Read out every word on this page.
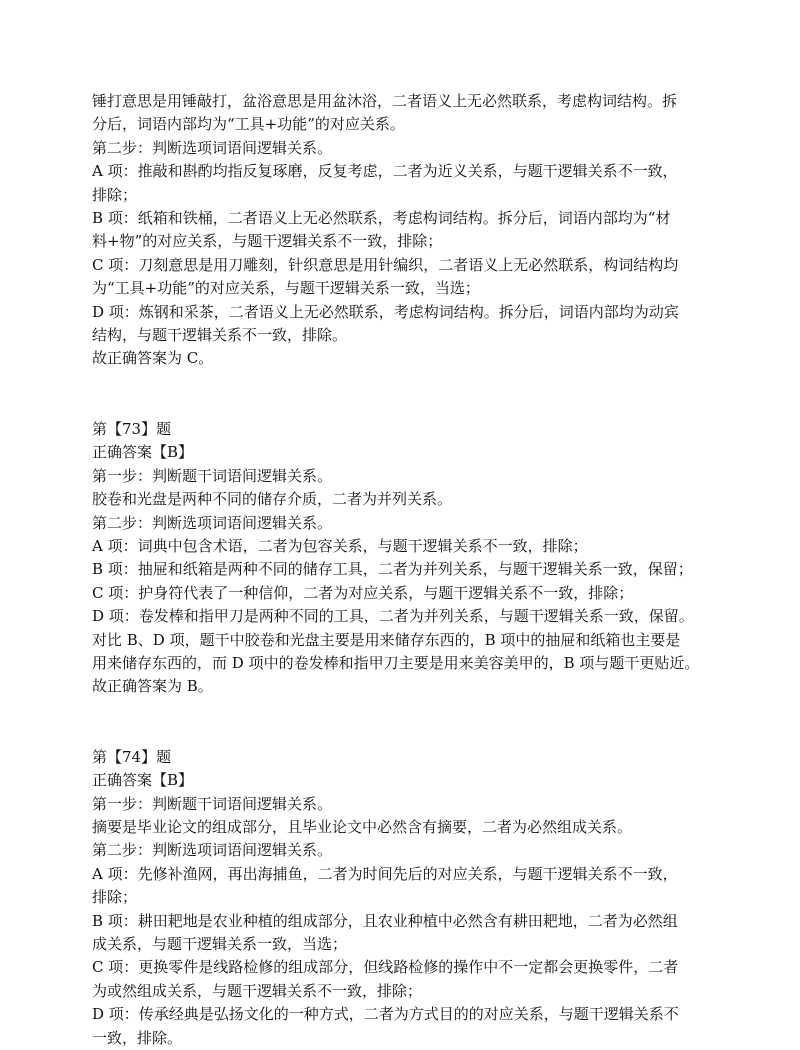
锤打意思是用锤敲打，盆浴意思是用盆沐浴，二者语义上无必然联系，考虑构词结构。拆
分后，词语内部均为“工具+功能”的对应关系。
第二步：判断选项词语间逻辑关系。
A 项：推敲和斟酌均指反复琢磨，反复考虑，二者为近义关系，与题干逻辑关系不一致，
排除；
B 项：纸箱和铁桶，二者语义上无必然联系，考虑构词结构。拆分后，词语内部均为“材
料+物”的对应关系，与题干逻辑关系不一致，排除；
C 项：刀刻意思是用刀雕刻，针织意思是用针编织，二者语义上无必然联系，构词结构均
为“工具+功能”的对应关系，与题干逻辑关系一致，当选；
D 项：炼钢和采茶，二者语义上无必然联系，考虑构词结构。拆分后，词语内部均为动宾
结构，与题干逻辑关系不一致，排除。
故正确答案为 C。
第【73】题
正确答案【B】
第一步：判断题干词语间逻辑关系。
胶卷和光盘是两种不同的储存介质，二者为并列关系。
第二步：判断选项词语间逻辑关系。
A 项：词典中包含术语，二者为包容关系，与题干逻辑关系不一致，排除；
B 项：抽屉和纸箱是两种不同的储存工具，二者为并列关系，与题干逻辑关系一致，保留；
C 项：护身符代表了一种信仰，二者为对应关系，与题干逻辑关系不一致，排除；
D 项：卷发棒和指甲刀是两种不同的工具，二者为并列关系，与题干逻辑关系一致，保留。
对比 B、D 项，题干中胶卷和光盘主要是用来储存东西的，B 项中的抽屉和纸箱也主要是
用来储存东西的，而 D 项中的卷发棒和指甲刀主要是用来美容美甲的，B 项与题干更贴近。
故正确答案为 B。
第【74】题
正确答案【B】
第一步：判断题干词语间逻辑关系。
摘要是毕业论文的组成部分，且毕业论文中必然含有摘要，二者为必然组成关系。
第二步：判断选项词语间逻辑关系。
A 项：先修补渔网，再出海捕鱼，二者为时间先后的对应关系，与题干逻辑关系不一致，
排除；
B 项：耕田耙地是农业种植的组成部分，且农业种植中必然含有耕田耙地，二者为必然组
成关系，与题干逻辑关系一致，当选；
C 项：更换零件是线路检修的组成部分，但线路检修的操作中不一定都会更换零件，二者
为或然组成关系，与题干逻辑关系不一致，排除；
D 项：传承经典是弘扬文化的一种方式，二者为方式目的的对应关系，与题干逻辑关系不
一致，排除。
